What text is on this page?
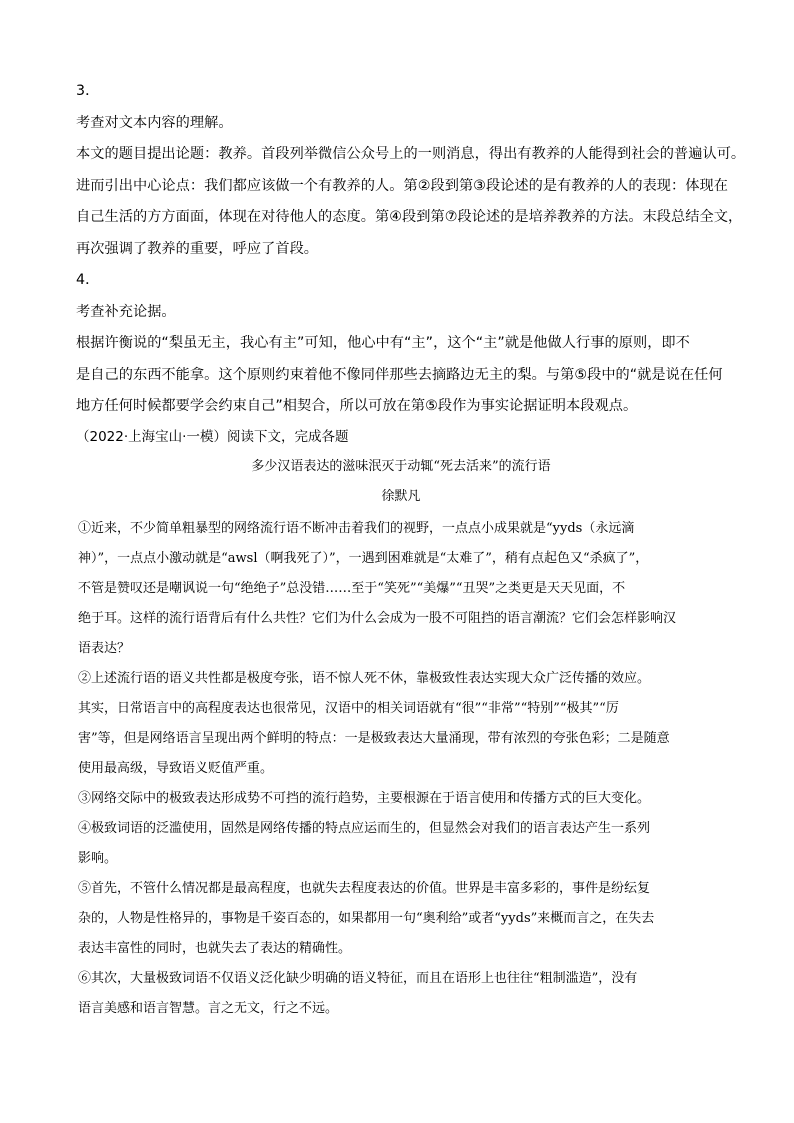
3．

考查对文本内容的理解。

本文的题目提出论题：教养。首段列举微信公众号上的一则消息，得出有教养的人能得到社会的普遍认可。

进而引出中心论点：我们都应该做一个有教养的人。第②段到第③段论述的是有教养的人的表现：体现在

自己生活的方方面面，体现在对待他人的态度。第④段到第⑦段论述的是培养教养的方法。末段总结全文，

再次强调了教养的重要，呼应了首段。

4．

考查补充论据。

根据许衡说的“梨虽无主，我心有主”可知，他心中有“主”，这个“主”就是他做人行事的原则，即不

是自己的东西不能拿。这个原则约束着他不像同伴那些去摘路边无主的梨。与第⑤段中的“就是说在任何

地方任何时候都要学会约束自己”相契合，所以可放在第⑤段作为事实论据证明本段观点。

（2022·上海宝山·一模）阅读下文，完成各题

多少汉语表达的滋味泯灭于动辄“死去活来”的流行语

徐默凡

①近来，不少简单粗暴型的网络流行语不断冲击着我们的视野，一点点小成果就是“yyds（永远滴

神）”，一点点小激动就是“awsl（啊我死了）”，一遇到困难就是“太难了”，稍有点起色又“杀疯了”，

不管是赞叹还是嘲讽说一句“绝绝子”总没错……至于“笑死”“美爆”“丑哭”之类更是天天见面，不

绝于耳。这样的流行语背后有什么共性？它们为什么会成为一股不可阻挡的语言潮流？它们会怎样影响汉

语表达？

②上述流行语的语义共性都是极度夸张，语不惊人死不休，靠极致性表达实现大众广泛传播的效应。

其实，日常语言中的高程度表达也很常见，汉语中的相关词语就有“很”“非常”“特别”“极其”“厉

害”等，但是网络语言呈现出两个鲜明的特点：一是极致表达大量涌现，带有浓烈的夸张色彩；二是随意

使用最高级，导致语义贬值严重。

③网络交际中的极致表达形成势不可挡的流行趋势，主要根源在于语言使用和传播方式的巨大变化。

④极致词语的泛滥使用，固然是网络传播的特点应运而生的，但显然会对我们的语言表达产生一系列

影响。

⑤首先，不管什么情况都是最高程度，也就失去程度表达的价值。世界是丰富多彩的，事件是纷纭复

杂的，人物是性格异的，事物是千姿百态的，如果都用一句“奥利给”或者“yyds”来概而言之，在失去

表达丰富性的同时，也就失去了表达的精确性。

⑥其次，大量极致词语不仅语义泛化缺少明确的语义特征，而且在语形上也往往“粗制滥造”，没有

语言美感和语言智慧。言之无文，行之不远。
